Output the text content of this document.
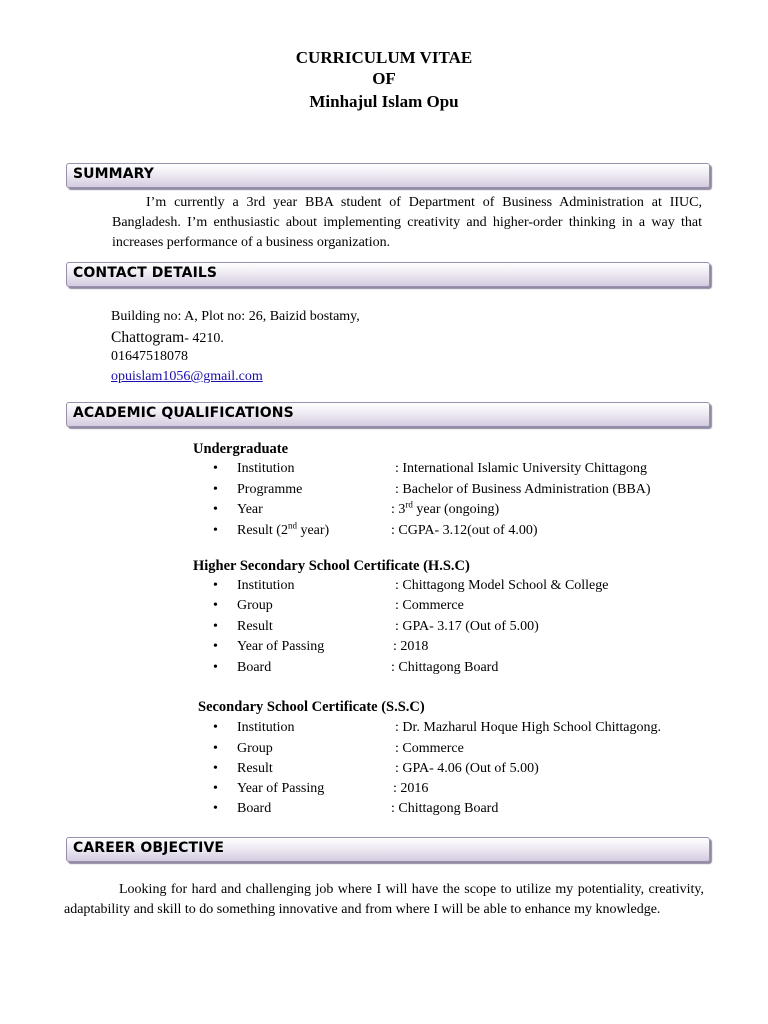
CURRICULUM VITAE
OF
Minhajul Islam Opu
SUMMARY
I’m currently a 3rd year BBA student of Department of Business Administration at IIUC, Bangladesh. I’m enthusiastic about implementing creativity and higher-order thinking in a way that increases performance of a business organization.
CONTACT DETAILS
Building no: A, Plot no: 26, Baizid bostamy,
Chattogram- 4210.
01647518078
opuislam1056@gmail.com
ACADEMIC QUALIFICATIONS
Undergraduate
• Institution	: International Islamic University Chittagong
• Programme	: Bachelor of Business Administration (BBA)
• Year	: 3rd year (ongoing)
• Result (2nd year)	: CGPA- 3.12(out of 4.00)
Higher Secondary School Certificate (H.S.C)
• Institution	: Chittagong Model School & College
• Group	: Commerce
• Result	: GPA- 3.17 (Out of 5.00)
• Year of Passing	: 2018
• Board	: Chittagong Board
Secondary School Certificate (S.S.C)
• Institution	: Dr. Mazharul Hoque High School Chittagong.
• Group	: Commerce
• Result	: GPA- 4.06 (Out of 5.00)
• Year of Passing	: 2016
• Board	: Chittagong Board
CAREER OBJECTIVE
Looking for hard and challenging job where I will have the scope to utilize my potentiality, creativity, adaptability and skill to do something innovative and from where I will be able to enhance my knowledge.
